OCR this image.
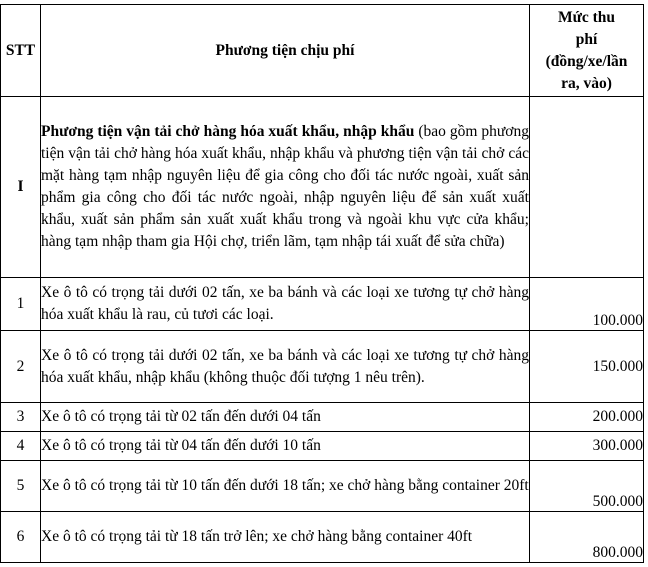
STT	Phương tiện chịu phí	Mức thu
phí
(đồng/xe/lần
ra, vào)

I	Phương tiện vận tải chở hàng hóa xuất khẩu, nhập khẩu (bao gồm phương tiện vận tải chở hàng hóa xuất khẩu, nhập khẩu và phương tiện vận tải chở các mặt hàng tạm nhập nguyên liệu để gia công cho đối tác nước ngoài, xuất sản phẩm gia công cho đối tác nước ngoài, nhập nguyên liệu để sản xuất xuất khẩu, xuất sản phẩm sản xuất xuất khẩu trong và ngoài khu vực cửa khẩu; hàng tạm nhập tham gia Hội chợ, triển lãm, tạm nhập tái xuất để sửa chữa)	
1	Xe ô tô có trọng tải dưới 02 tấn, xe ba bánh và các loại xe tương tự chở hàng hóa xuất khẩu là rau, củ tươi các loại.	100.000
2	Xe ô tô có trọng tải dưới 02 tấn, xe ba bánh và các loại xe tương tự chở hàng hóa xuất khẩu, nhập khẩu (không thuộc đối tượng 1 nêu trên).	150.000
3	Xe ô tô có trọng tải từ 02 tấn đến dưới 04 tấn	200.000
4	Xe ô tô có trọng tải từ 04 tấn đến dưới 10 tấn	300.000
5	Xe ô tô có trọng tải từ 10 tấn đến dưới 18 tấn; xe chở hàng bằng container 20ft	500.000
6	Xe ô tô có trọng tải từ 18 tấn trở lên; xe chở hàng bằng container 40ft	800.000
